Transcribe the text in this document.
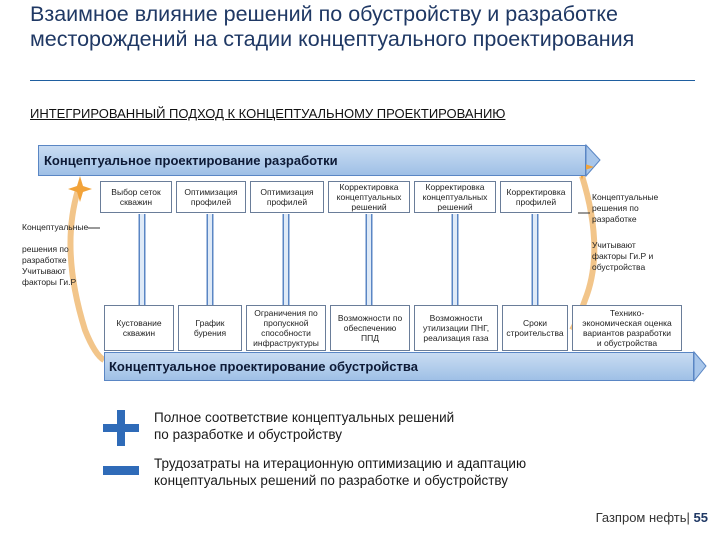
Взаимное влияние решений по обустройству и разработке месторождений на стадии концептуального проектирования
ИНТЕГРИРОВАННЫЙ ПОДХОД К КОНЦЕПТУАЛЬНОМУ ПРОЕКТИРОВАНИЮ
Концептуальное проектирование разработки
Концептуальное проектирование обустройства
Выбор сеток
скважин
Оптимизация
профилей
Оптимизация
профилей
Корректировка
концептуальных
решений
Корректировка
концептуальных
решений
Корректировка
профилей
Кустование
скважин
График
бурения
Ограничения по
пропускной
способности
инфраструктуры
Возможности по
обеспечению
ППД
Возможности
утилизации ПНГ,
реализация газа
Сроки
строительства
Технико-
экономическая оценка
вариантов разработки
и обустройства
Концептуальные

решения по
разработке
Учитывают
факторы Ги.Р
Концептуальные
решения по
разработке
Учитывают
факторы Ги.Р и
обустройства
Полное соответствие концептуальных решений
по разработке и обустройству
Трудозатраты на итерационную оптимизацию и адаптацию
концептуальных решений по разработке и обустройству
Газпром нефть| 55
